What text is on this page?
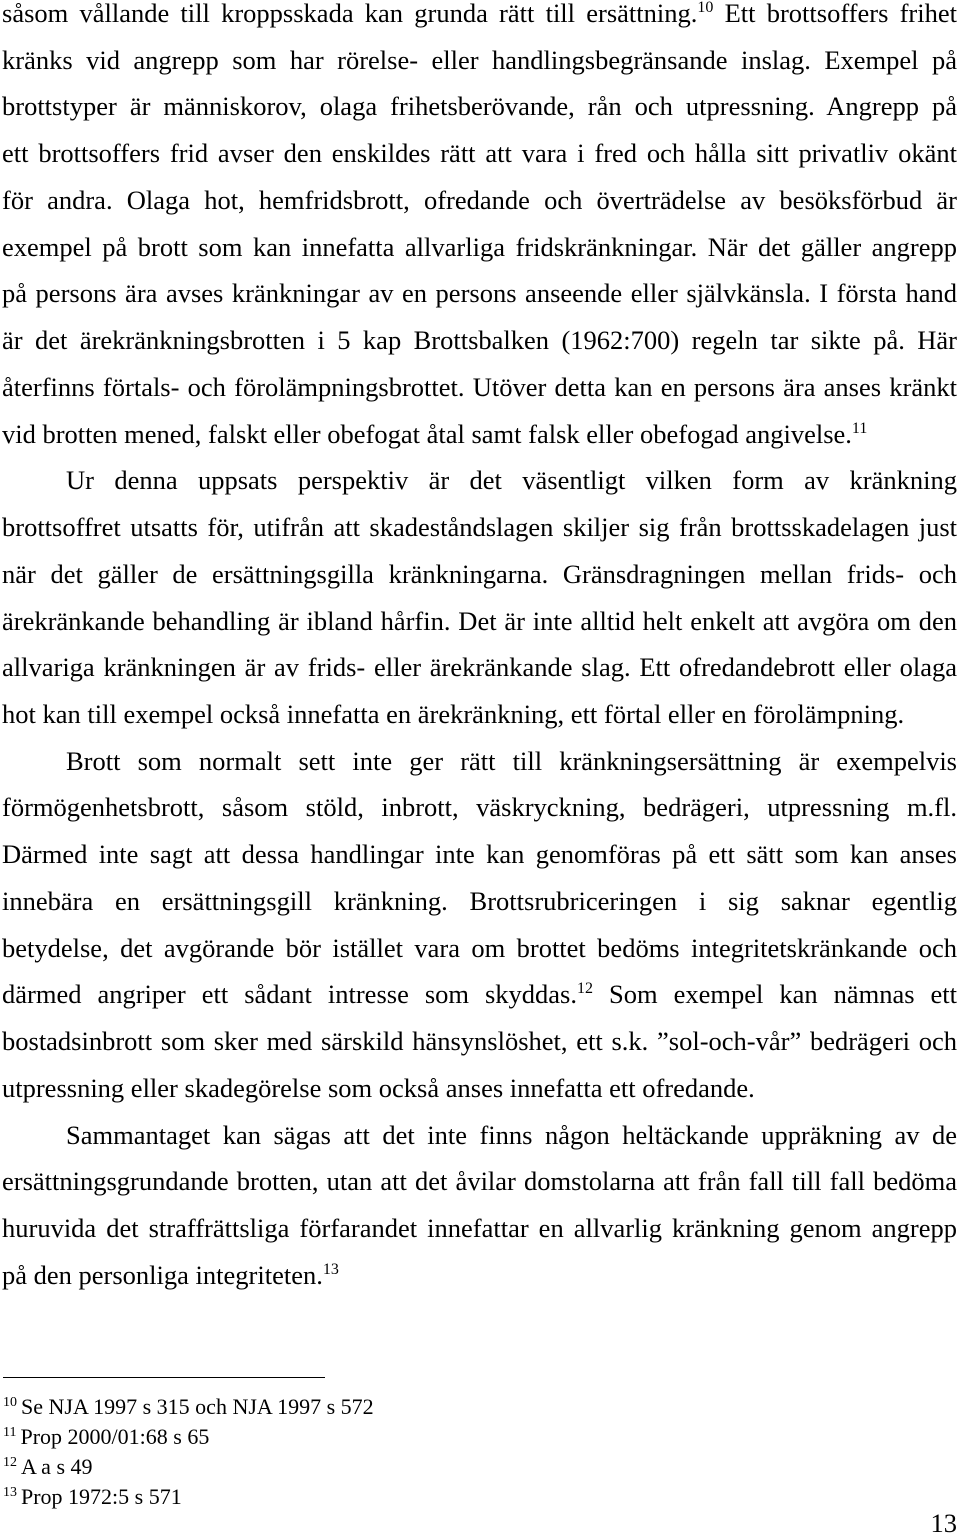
såsom vållande till kroppsskada kan grunda rätt till ersättning.$^{10}$ Ett brottsoffers frihet
kränks vid angrepp som har rörelse- eller handlingsbegränsande inslag. Exempel på
brottstyper är människorov, olaga frihetsberövande, rån och utpressning. Angrepp på
ett brottsoffers frid avser den enskildes rätt att vara i fred och hålla sitt privatliv okänt
för andra. Olaga hot, hemfridsbrott, ofredande och överträdelse av besöksförbud är
exempel på brott som kan innefatta allvarliga fridskränkningar. När det gäller angrepp
på persons ära avses kränkningar av en persons anseende eller självkänsla. I första hand
är det ärekränkningsbrotten i 5 kap Brottsbalken (1962:700) regeln tar sikte på. Här
återfinns förtals- och förolämpningsbrottet. Utöver detta kan en persons ära anses kränkt
vid brotten mened, falskt eller obefogat åtal samt falsk eller obefogad angivelse.$^{11}$
Ur denna uppsats perspektiv är det väsentligt vilken form av kränkning
brottsoffret utsatts för, utifrån att skadeståndslagen skiljer sig från brottsskadelagen just
när det gäller de ersättningsgilla kränkningarna. Gränsdragningen mellan frids- och
ärekränkande behandling är ibland hårfin. Det är inte alltid helt enkelt att avgöra om den
allvariga kränkningen är av frids- eller ärekränkande slag. Ett ofredandebrott eller olaga
hot kan till exempel också innefatta en ärekränkning, ett förtal eller en förolämpning.
Brott som normalt sett inte ger rätt till kränkningsersättning är exempelvis
förmögenhetsbrott, såsom stöld, inbrott, väskryckning, bedrägeri, utpressning m.fl.
Därmed inte sagt att dessa handlingar inte kan genomföras på ett sätt som kan anses
innebära en ersättningsgill kränkning. Brottsrubriceringen i sig saknar egentlig
betydelse, det avgörande bör istället vara om brottet bedöms integritetskränkande och
därmed angriper ett sådant intresse som skyddas.$^{12}$ Som exempel kan nämnas ett
bostadsinbrott som sker med särskild hänsynslöshet, ett s.k. ”sol-och-vår” bedrägeri och
utpressning eller skadegörelse som också anses innefatta ett ofredande.
Sammantaget kan sägas att det inte finns någon heltäckande uppräkning av de
ersättningsgrundande brotten, utan att det åvilar domstolarna att från fall till fall bedöma
huruvida det straffrättsliga förfarandet innefattar en allvarlig kränkning genom angrepp
på den personliga integriteten.$^{13}$
$^{10}$ Se NJA 1997 s 315 och NJA 1997 s 572
$^{11}$ Prop 2000/01:68 s 65
$^{12}$ A a s 49
$^{13}$ Prop 1972:5 s 571
13
